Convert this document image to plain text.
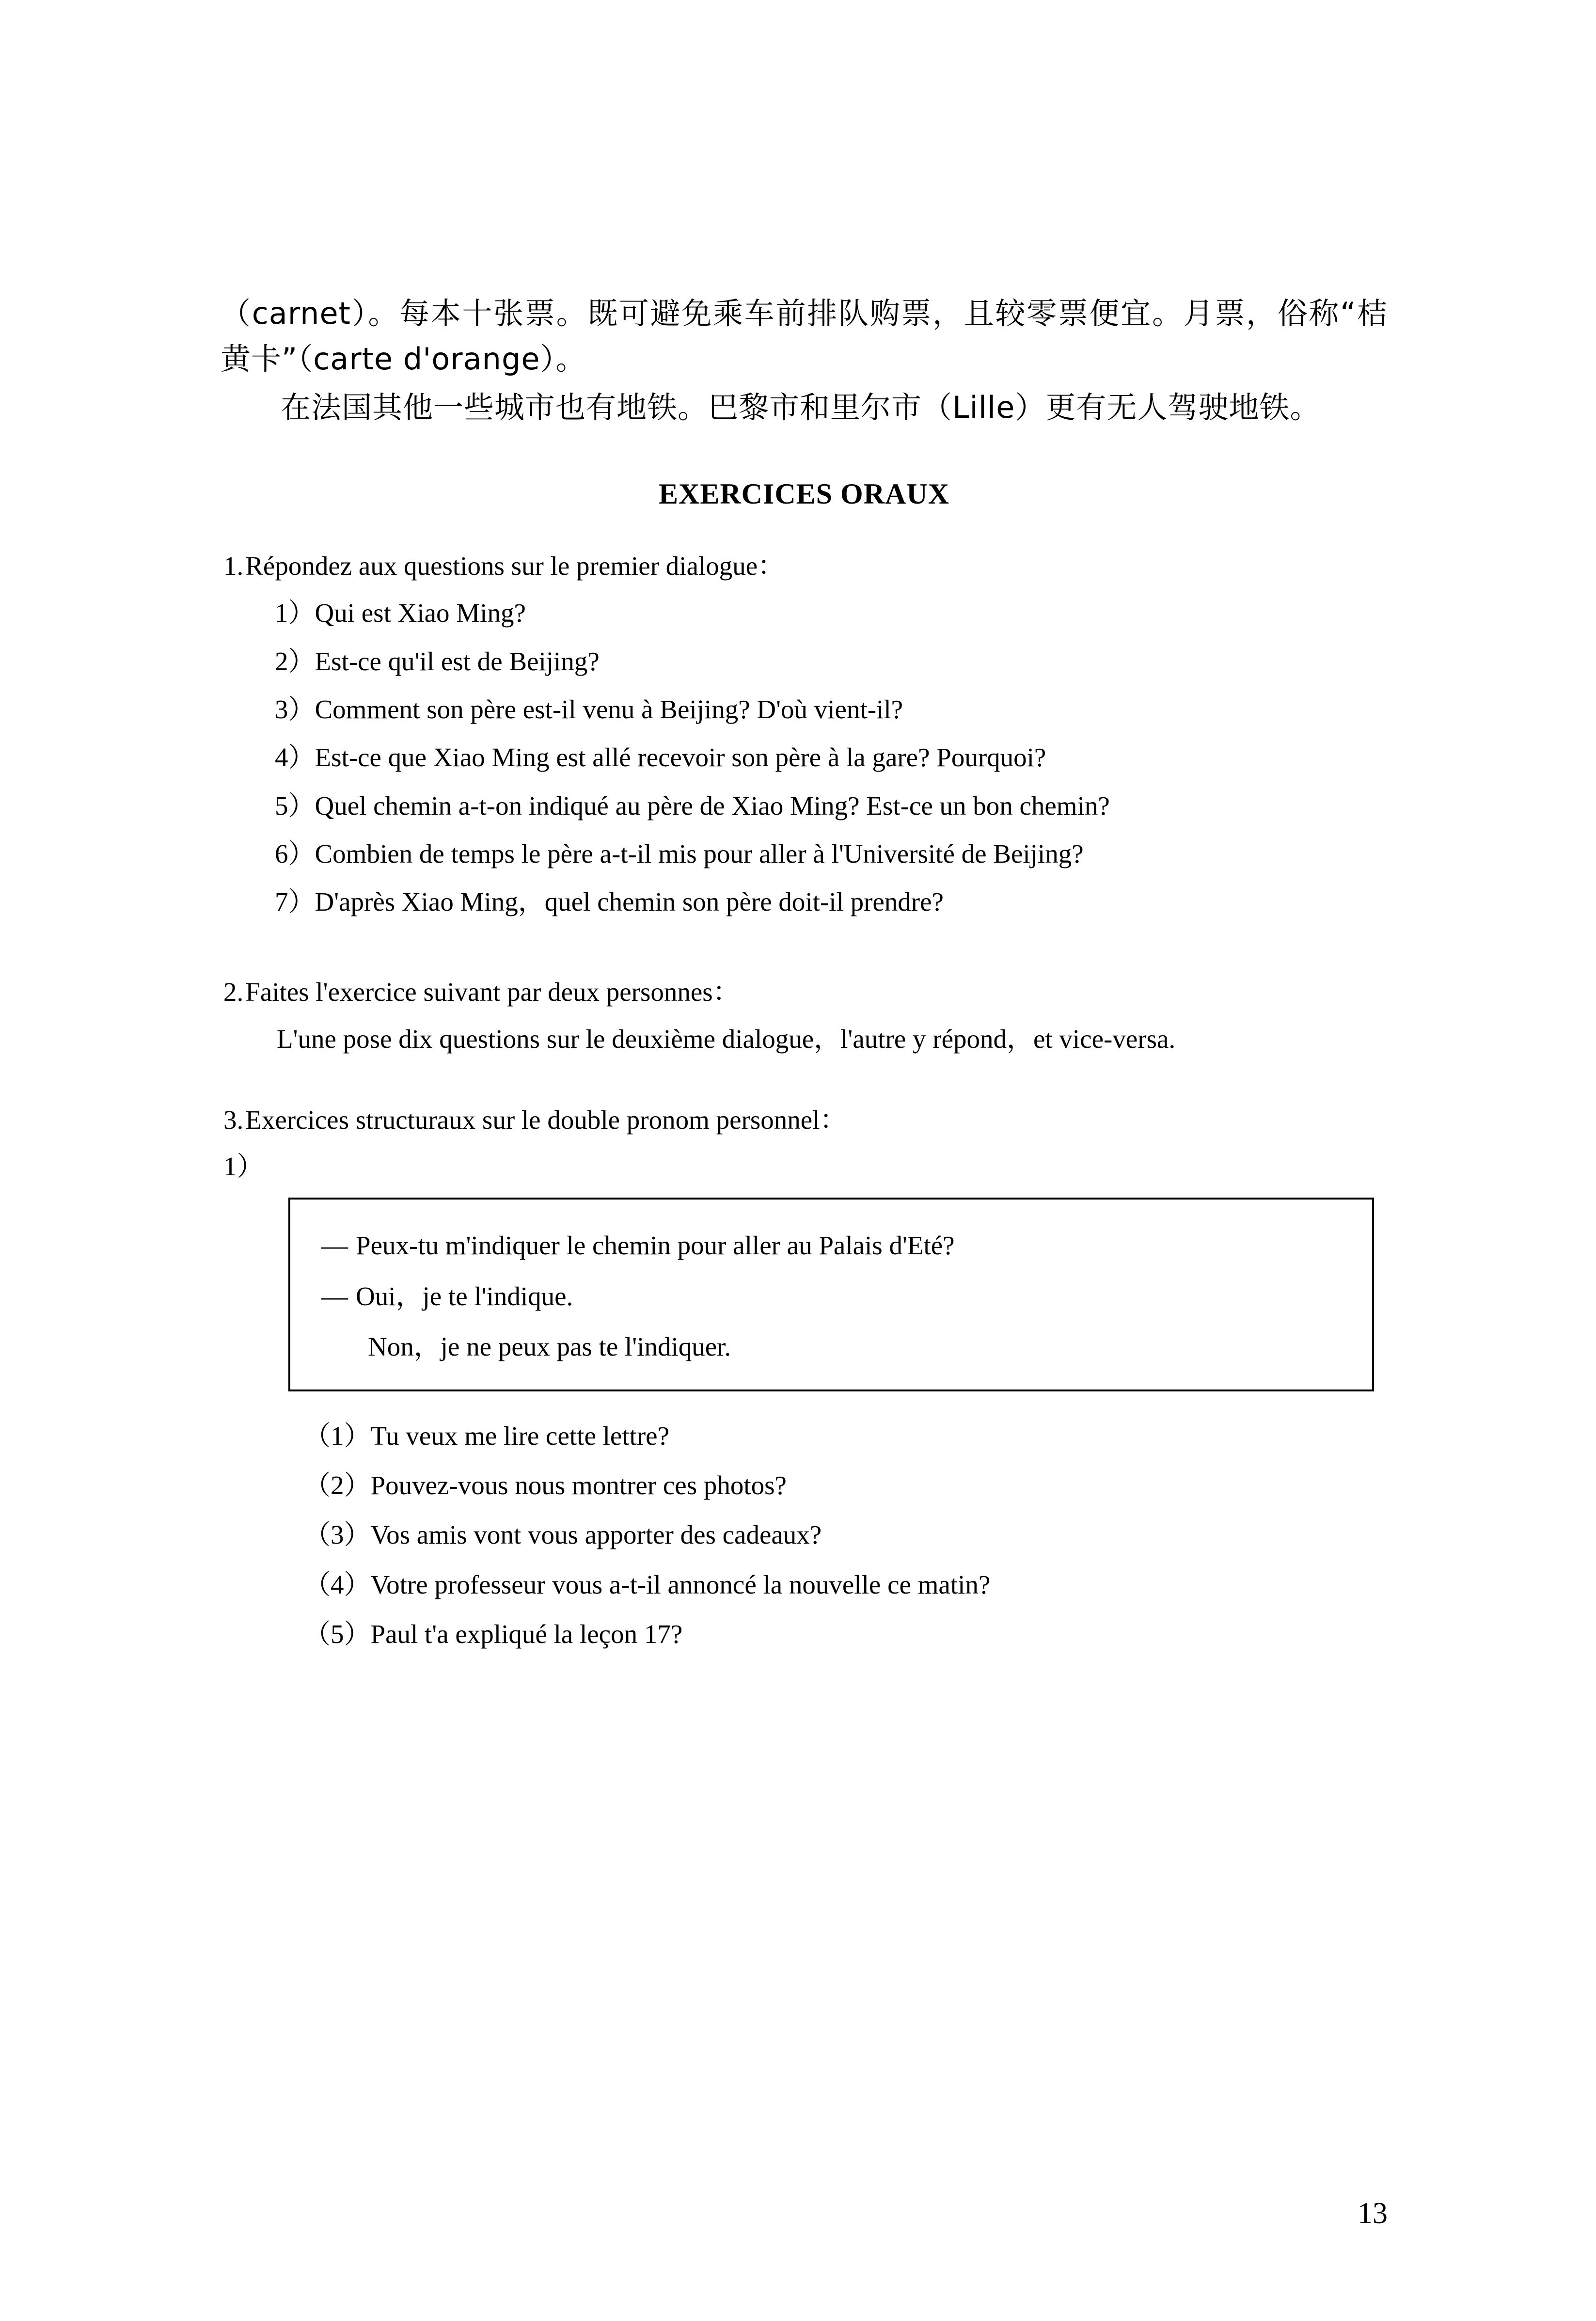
（carnet）。每本十张票。既可避免乘车前排队购票，且较零票便宜。月票，俗称“桔黄卡”（carte d'orange）。

在法国其他一些城市也有地铁。巴黎市和里尔市（Lille）更有无人驾驶地铁。

EXERCICES ORAUX

1.Répondez aux questions sur le premier dialogue：

1）Qui est Xiao Ming?
2）Est-ce qu'il est de Beijing?
3）Comment son père est-il venu à Beijing? D'où vient-il?
4）Est-ce que Xiao Ming est allé recevoir son père à la gare? Pourquoi?
5）Quel chemin a-t-on indiqué au père de Xiao Ming? Est-ce un bon chemin?
6）Combien de temps le père a-t-il mis pour aller à l'Université de Beijing?
7）D'après Xiao Ming，quel chemin son père doit-il prendre?

2.Faites l'exercice suivant par deux personnes：

L'une pose dix questions sur le deuxième dialogue，l'autre y répond，et vice-versa.

3.Exercices structuraux sur le double pronom personnel：

1）

— Peux-tu m'indiquer le chemin pour aller au Palais d'Eté?

— Oui，je te l'indique.

Non，je ne peux pas te l'indiquer.

（1）Tu veux me lire cette lettre?
（2）Pouvez-vous nous montrer ces photos?
（3）Vos amis vont vous apporter des cadeaux?
（4）Votre professeur vous a-t-il annoncé la nouvelle ce matin?
（5）Paul t'a expliqué la leçon 17?
13
